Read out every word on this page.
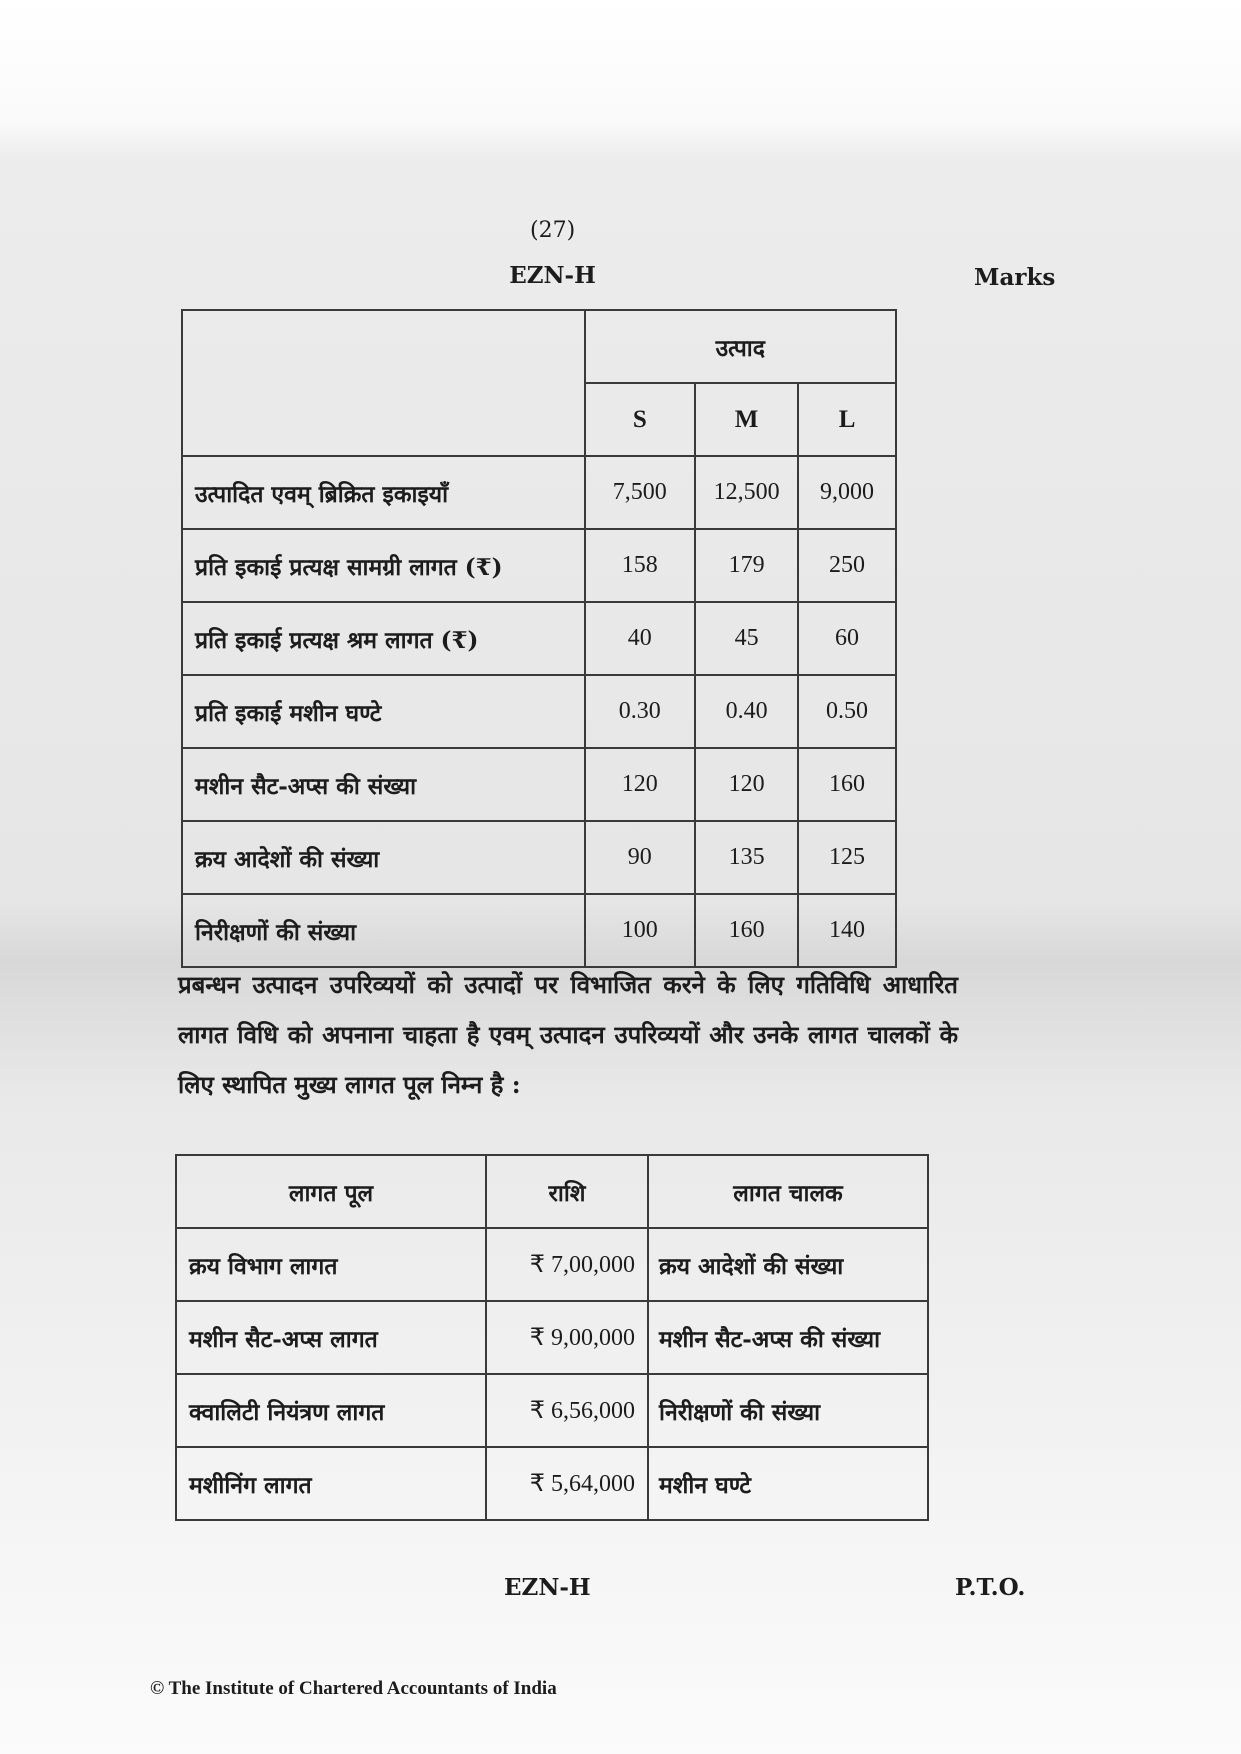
(27)
EZN-H	Marks
	उत्पाद		
	S	M	L
उत्पादित एवम् ब्रिक्रित इकाइयाँ	7,500	12,500	9,000
प्रति इकाई प्रत्यक्ष सामग्री लागत (₹)	158	179	250
प्रति इकाई प्रत्यक्ष श्रम लागत (₹)	40	45	60
प्रति इकाई मशीन घण्टे	0.30	0.40	0.50
मशीन सैट-अप्स की संख्या	120	120	160
क्रय आदेशों की संख्या	90	135	125
निरीक्षणों की संख्या	100	160	140
प्रबन्धन उत्पादन उपरिव्ययों को उत्पादों पर विभाजित करने के लिए गतिविधि आधारित लागत विधि को अपनाना चाहता है एवम् उत्पादन उपरिव्ययों और उनके लागत चालकों के लिए स्थापित मुख्य लागत पूल निम्न है :
लागत पूल	राशि	लागत चालक
क्रय विभाग लागत	₹ 7,00,000	क्रय आदेशों की संख्या
मशीन सैट-अप्स लागत	₹ 9,00,000	मशीन सैट-अप्स की संख्या
क्वालिटी नियंत्रण लागत	₹ 6,56,000	निरीक्षणों की संख्या
मशीनिंग लागत	₹ 5,64,000	मशीन घण्टे
EZN-H	P.T.O.
© The Institute of Chartered Accountants of India
